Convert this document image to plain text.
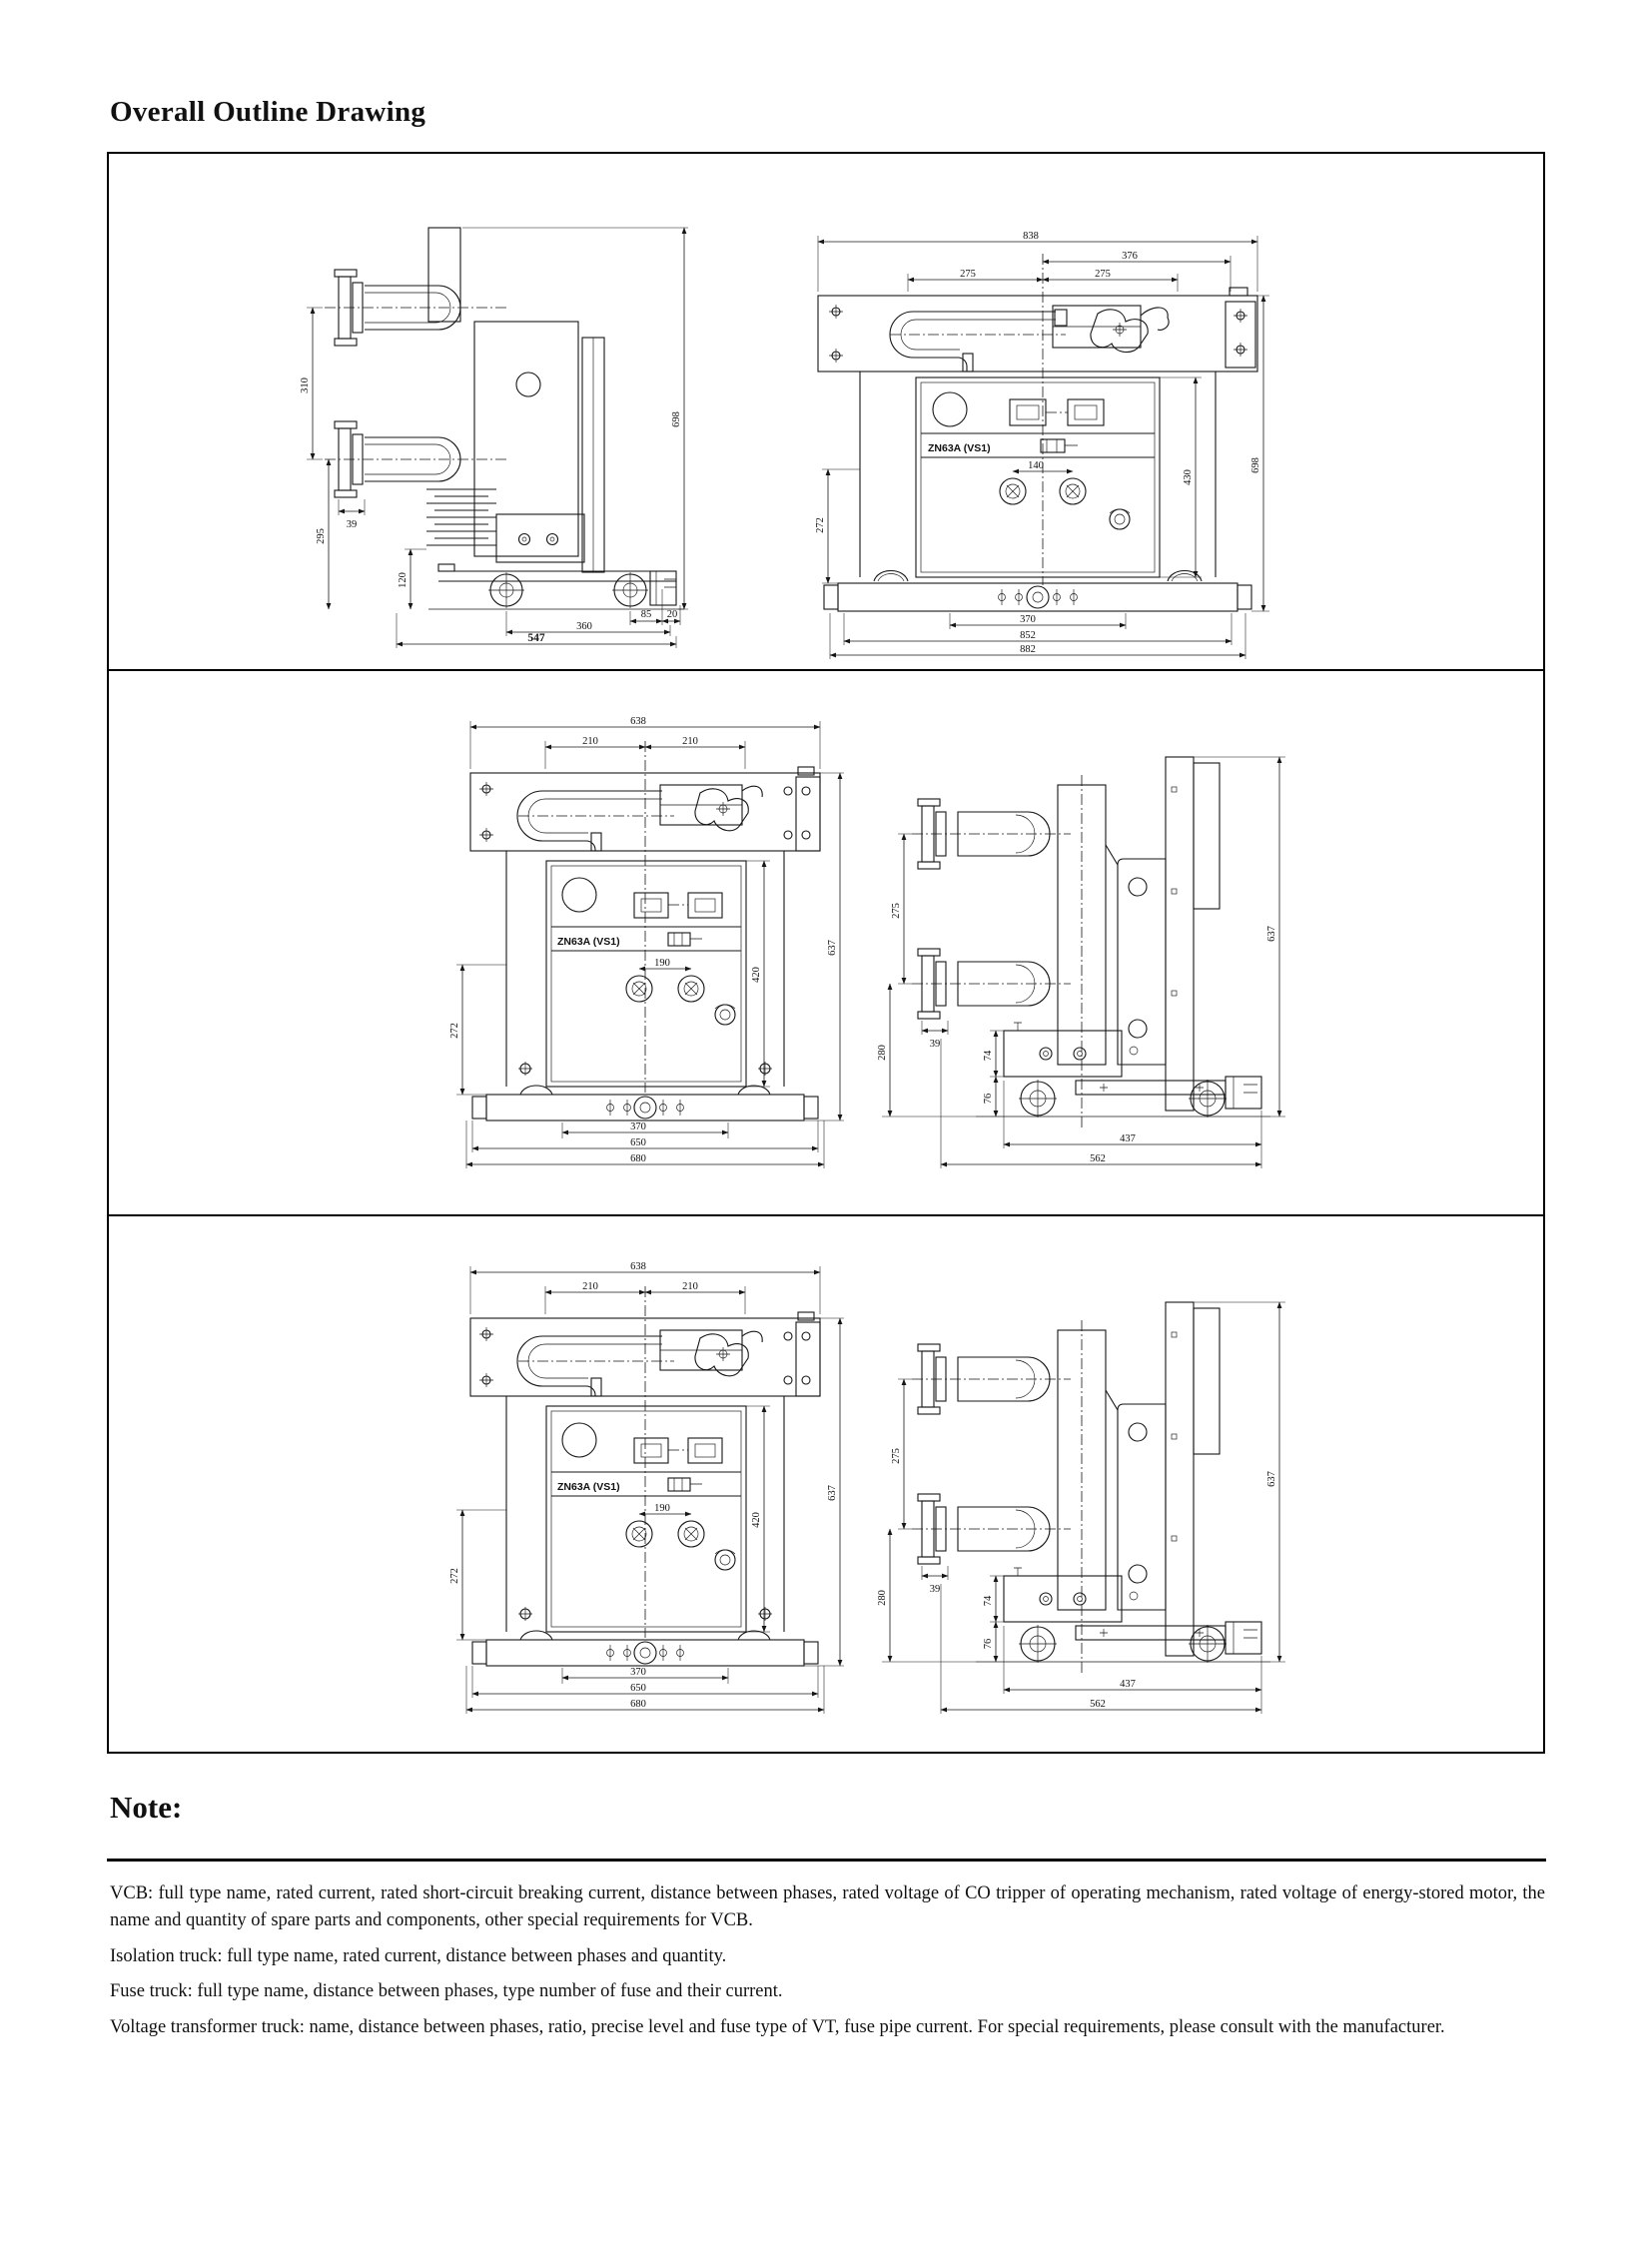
Overall Outline Drawing
310
39
295
120
85 20
360
547
698
ZN63A (VS1)
838
376
275	275
140
430
698
272
370
852
882
ZN63A (VS1)
638
210	210
190
420
637
272
370
650
680
275
39
280	74
76
437
562
637
ZN63A (VS1)
638
210	210
190
420
637
272
370
650
680
275
39
280	74
76
437
562
637
Note:

VCB: full type name, rated current, rated short-circuit breaking current, distance between phases, rated voltage of CO tripper of operating mechanism, rated voltage of energy-stored motor, the name and quantity of spare parts and components, other special requirements for VCB.

Isolation truck: full type name, rated current, distance between phases and quantity.

Fuse truck: full type name, distance between phases, type number of fuse and their current.

Voltage transformer truck: name, distance between phases, ratio, precise level and fuse type of VT, fuse pipe current. For special requirements, please consult with the manufacturer.
